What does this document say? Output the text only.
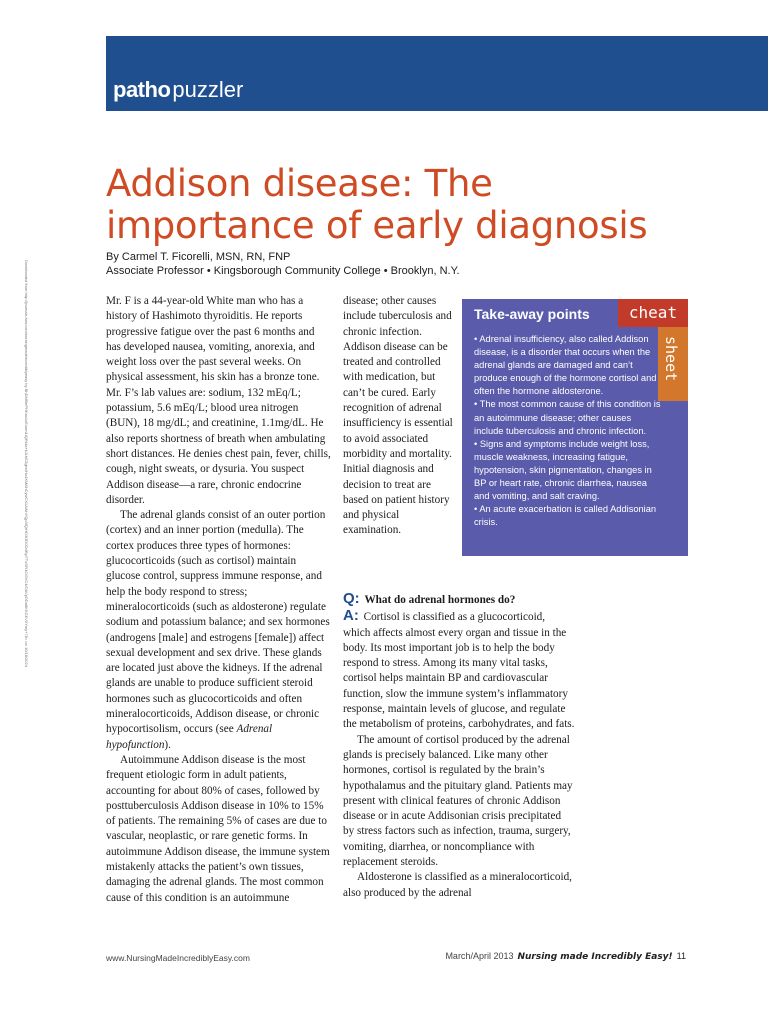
pathopuzzler
Addison disease: The
importance of early diagnosis
By Carmel T. Ficorelli, MSN, RN, FNP
Associate Professor • Kingsborough Community College • Brooklyn, N.Y.
Downloaded from http://journals.lww.com/nursingmadeincrediblyeasy by BhDMf5ePHKav1zEoum1tQfN4a+kJLhEZgbsIHo4XMi0hCywCX1AWnYQp/IlQrHD3i3D0OdRyi7TvSFl4Cf3VC4/OAVpDDa8KKGKV0Ymy+78= on 10/18/2024	Mr. F is a 44-year-old White man who has a history of Hashimoto thyroiditis. He reports progressive fatigue over the past 6 months and has developed nausea, vomiting, anorexia, and weight loss over the past several weeks. On physical assessment, his skin has a bronze tone. Mr. F’s lab values are: sodium, 132 mEq/L; potassium, 5.6 mEq/L; blood urea nitrogen (BUN), 18 mg/dL; and creatinine, 1.1mg/dL. He also reports shortness of breath when ambulating short distances. He denies chest pain, fever, chills, cough, night sweats, or dysuria. You suspect Addison disease—a rare, chronic endocrine disorder.

The adrenal glands consist of an outer portion (cortex) and an inner portion (medulla). The cortex produces three types of hormones: glucocorticoids (such as cortisol) maintain glucose control, suppress immune response, and help the body respond to stress; mineralocorticoids (such as aldosterone) regulate sodium and potassium balance; and sex hormones (androgens [male] and estrogens [female]) affect sexual development and sex drive. These glands are located just above the kidneys. If the adrenal glands are unable to produce sufficient steroid hormones such as glucocorticoids and often mineralocorticoids, Addison disease, or chronic hypocortisolism, occurs (see Adrenal hypofunction).

Autoimmune Addison disease is the most frequent etiologic form in adult patients, accounting for about 80% of cases, followed by posttuberculosis Addison disease in 10% to 15% of patients. The remaining 5% of cases are due to vascular, neoplastic, or rare genetic forms. In autoimmune Addison disease, the immune system mistakenly attacks the patient’s own tissues, damaging the adrenal glands. The most common cause of this condition is an autoimmune

disease; other causes include tuberculosis and chronic infection. Addison disease can be treated and controlled with medication, but can’t be cured. Early recognition of adrenal insufficiency is essential to avoid associated morbidity and mortality. Initial diagnosis and decision to treat are based on patient history and physical examination.

Take-away points	cheat
sheet

• Adrenal insufficiency, also called Addison disease, is a disorder that occurs when the adrenal glands are damaged and can’t produce enough of the hormone cortisol and often the hormone aldosterone.

• The most common cause of this condition is an autoimmune disease; other causes include tuberculosis and chronic infection.

• Signs and symptoms include weight loss, muscle weakness, increasing fatigue, hypotension, skin pigmentation, changes in BP or heart rate, chronic diarrhea, nausea and vomiting, and salt craving.

• An acute exacerbation is called Addisonian crisis.

Q: What do adrenal hormones do?

A: Cortisol is classified as a glucocorticoid, which affects almost every organ and tissue in the body. Its most important job is to help the body respond to stress. Among its many vital tasks, cortisol helps maintain BP and cardiovascular function, slow the immune system’s inflammatory response, maintain levels of glucose, and regulate the metabolism of proteins, carbohydrates, and fats.

The amount of cortisol produced by the adrenal glands is precisely balanced. Like many other hormones, cortisol is regulated by the brain’s hypothalamus and the pituitary gland. Patients may present with clinical features of chronic Addison disease or in acute Addisonian crisis precipitated by stress factors such as infection, trauma, surgery, vomiting, diarrhea, or noncompliance with replacement steroids.

Aldosterone is classified as a mineralocorticoid, also produced by the adrenal

www.NursingMadeIncrediblyEasy.com	March/April 2013 Nursing made Incredibly Easy! 11
